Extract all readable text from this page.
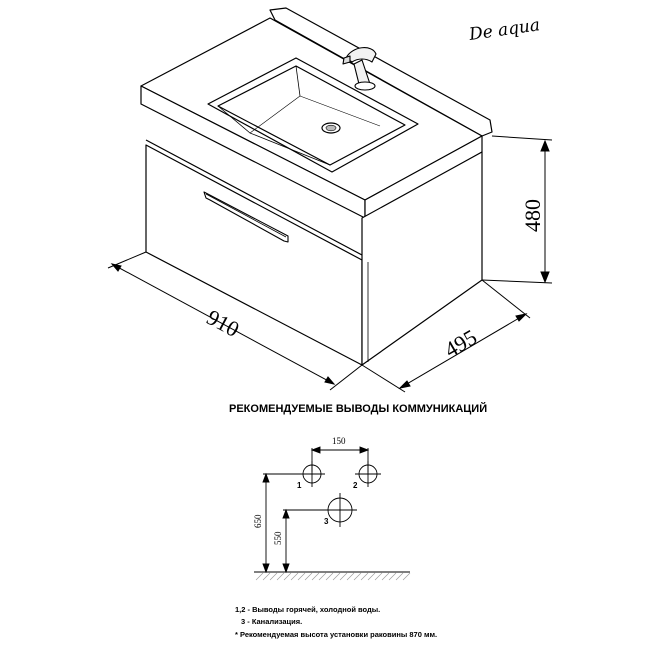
De aqua
910
495
480
РЕКОМЕНДУЕМЫЕ ВЫВОДЫ КОММУНИКАЦИЙ
150
650
550
1	2
3
1,2 - Выводы горячей, холодной воды.
3 - Канализация.
* Рекомендуемая высота установки раковины 870 мм.
